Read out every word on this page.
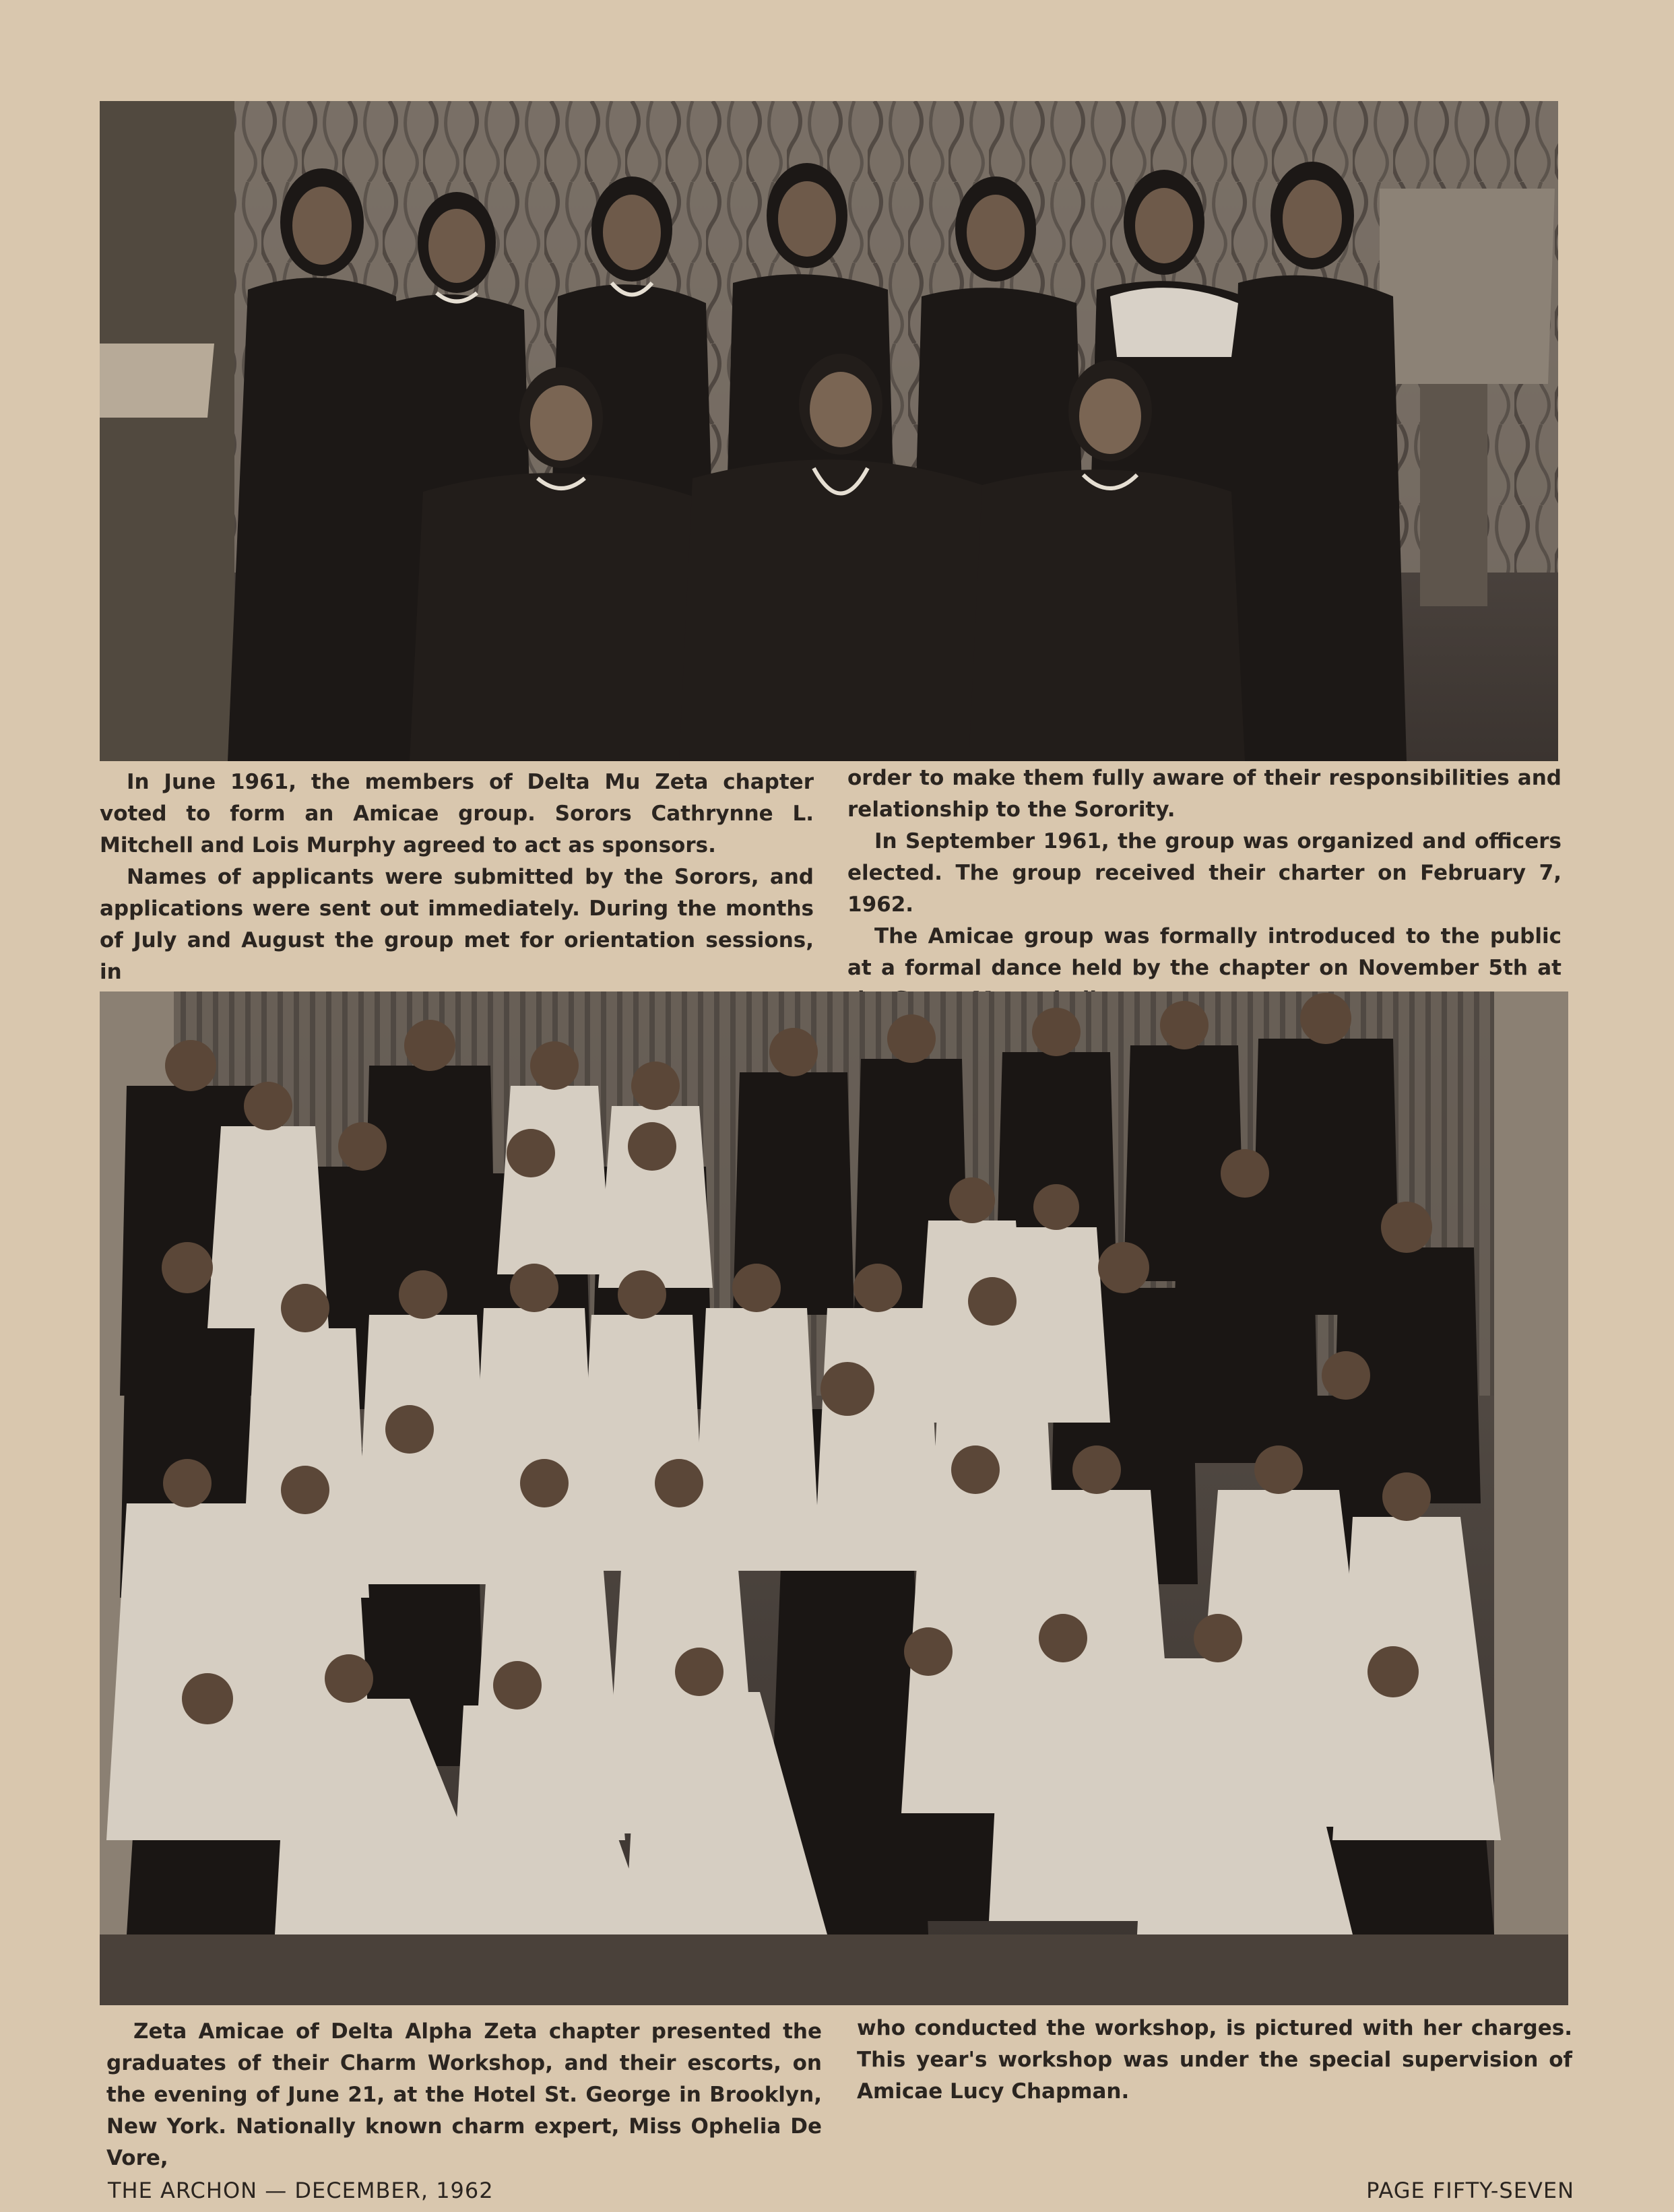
In June 1961, the members of Delta Mu Zeta chapter voted to form an Amicae group. Sorors Cathrynne L. Mitchell and Lois Murphy agreed to act as sponsors.

Names of applicants were submitted by the Sorors, and applications were sent out immediately. During the months of July and August the group met for orientation sessions, in

order to make them fully aware of their responsibilities and relationship to the Sorority.

In September 1961, the group was organized and officers elected. The group received their charter on February 7, 1962.

The Amicae group was formally introduced to the public at a formal dance held by the chapter on November 5th at

Zeta Amicae of Delta Alpha Zeta chapter presented the graduates of their Charm Workshop, and their escorts, on the evening of June 21, at the Hotel St. George in Brooklyn, New York. Nationally known charm expert, Miss Ophelia De Vore,

who conducted the workshop, is pictured with her charges. This year's workshop was under the special supervision of Amicae Lucy Chapman.

THE ARCHON — DECEMBER, 1962	PAGE FIFTY-SEVEN
